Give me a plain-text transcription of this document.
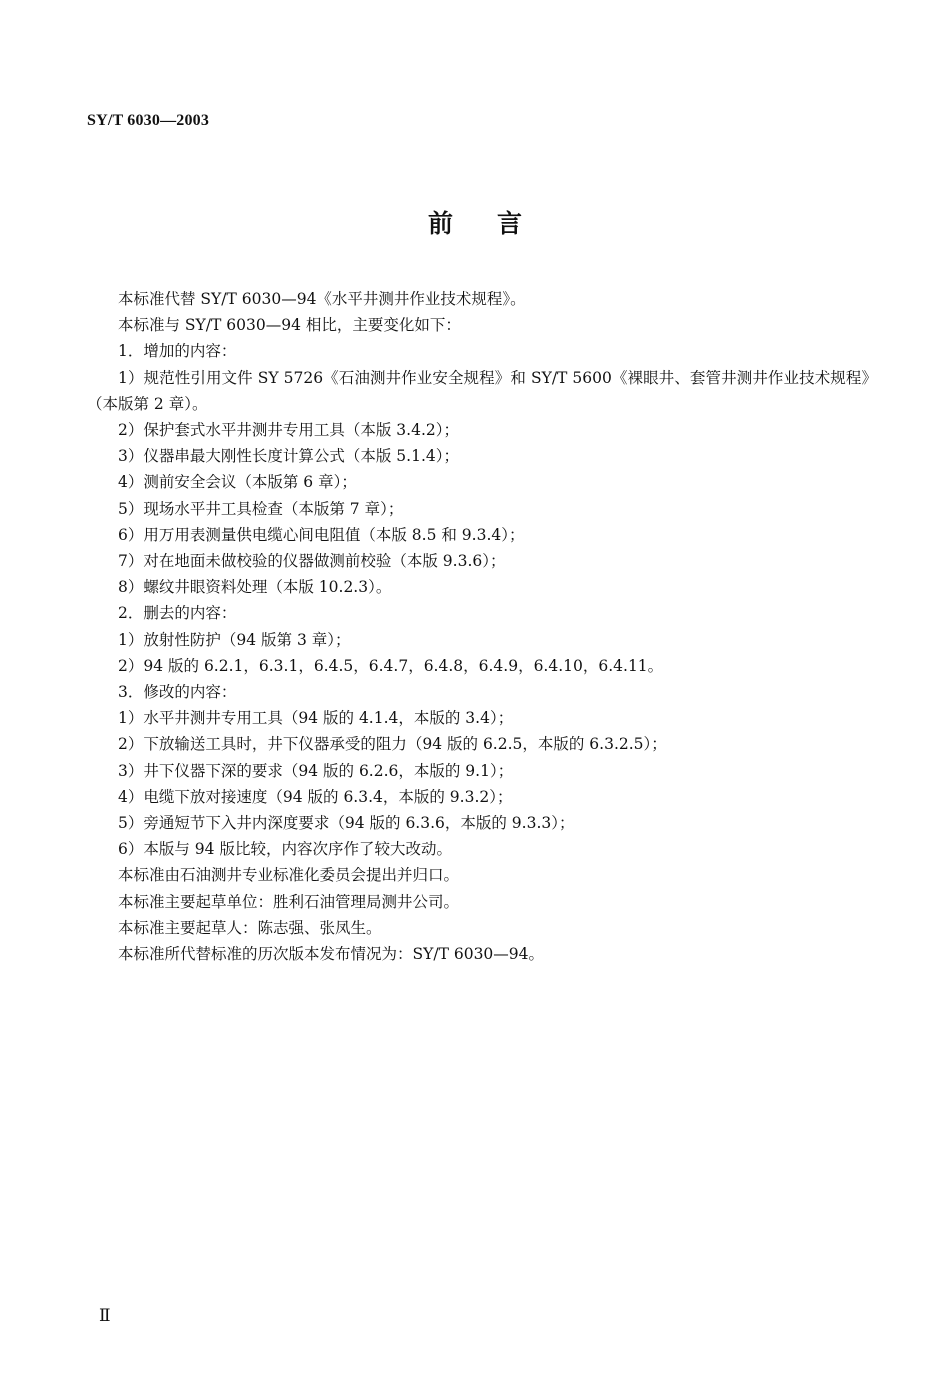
SY/T 6030—2003
前言

本标准代替 SY/T 6030—94《水平井测井作业技术规程》。

本标准与 SY/T 6030—94 相比，主要变化如下：

1．增加的内容：

1）规范性引用文件 SY 5726《石油测井作业安全规程》和 SY/T 5600《裸眼井、套管井测井作业技术规程》（本版第 2 章）。

2）保护套式水平井测井专用工具（本版 3.4.2）；

3）仪器串最大刚性长度计算公式（本版 5.1.4）；

4）测前安全会议（本版第 6 章）；

5）现场水平井工具检查（本版第 7 章）；

6）用万用表测量供电缆心间电阻值（本版 8.5 和 9.3.4）；

7）对在地面未做校验的仪器做测前校验（本版 9.3.6）；

8）螺纹井眼资料处理（本版 10.2.3）。

2．删去的内容：

1）放射性防护（94 版第 3 章）；

2）94 版的 6.2.1，6.3.1，6.4.5，6.4.7，6.4.8，6.4.9，6.4.10，6.4.11。

3．修改的内容：

1）水平井测井专用工具（94 版的 4.1.4，本版的 3.4）；

2）下放输送工具时，井下仪器承受的阻力（94 版的 6.2.5，本版的 6.3.2.5）；

3）井下仪器下深的要求（94 版的 6.2.6，本版的 9.1）；

4）电缆下放对接速度（94 版的 6.3.4，本版的 9.3.2）；

5）旁通短节下入井内深度要求（94 版的 6.3.6，本版的 9.3.3）；

6）本版与 94 版比较，内容次序作了较大改动。

本标准由石油测井专业标准化委员会提出并归口。

本标准主要起草单位：胜利石油管理局测井公司。

本标准主要起草人：陈志强、张凤生。

本标准所代替标准的历次版本发布情况为：SY/T 6030—94。

Ⅱ
